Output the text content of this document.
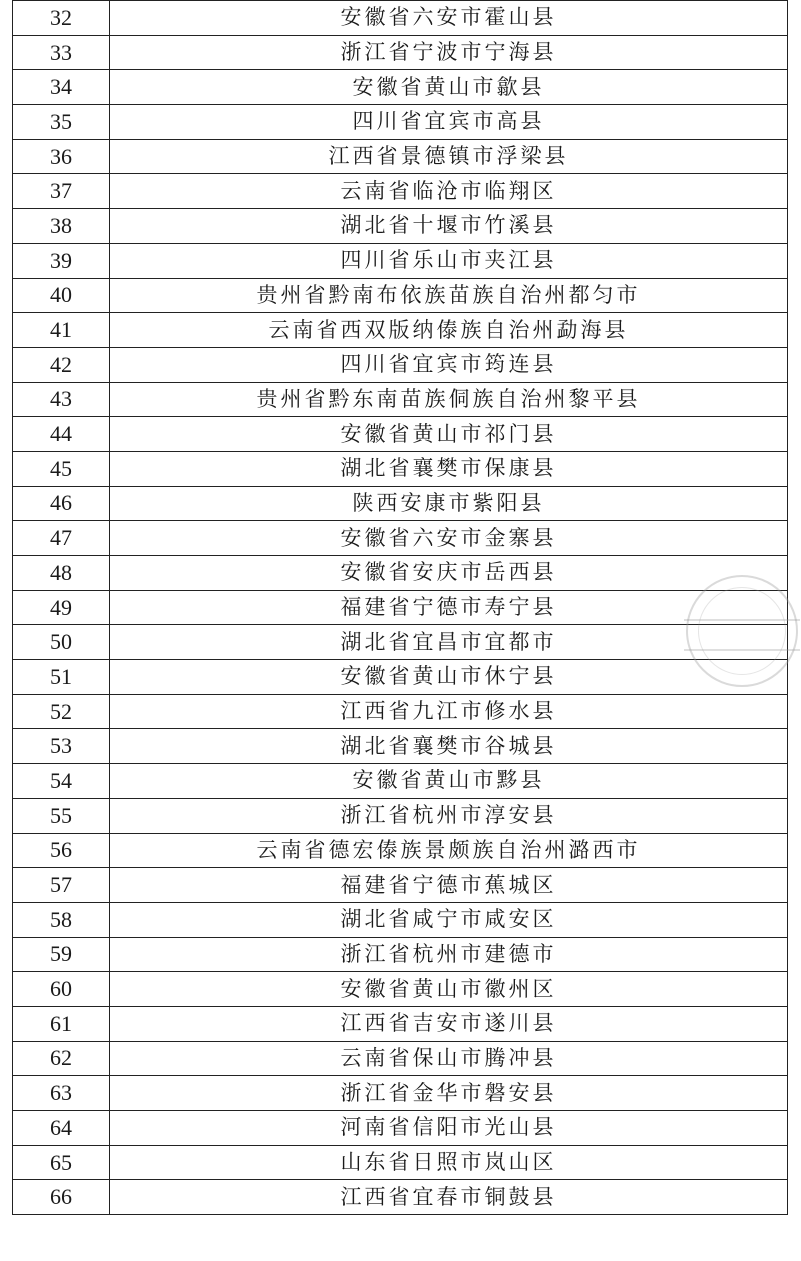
32	安徽省六安市霍山县
33	浙江省宁波市宁海县
34	安徽省黄山市歙县
35	四川省宜宾市高县
36	江西省景德镇市浮梁县
37	云南省临沧市临翔区
38	湖北省十堰市竹溪县
39	四川省乐山市夹江县
40	贵州省黔南布依族苗族自治州都匀市
41	云南省西双版纳傣族自治州勐海县
42	四川省宜宾市筠连县
43	贵州省黔东南苗族侗族自治州黎平县
44	安徽省黄山市祁门县
45	湖北省襄樊市保康县
46	陕西安康市紫阳县
47	安徽省六安市金寨县
48	安徽省安庆市岳西县
49	福建省宁德市寿宁县
50	湖北省宜昌市宜都市
51	安徽省黄山市休宁县
52	江西省九江市修水县
53	湖北省襄樊市谷城县
54	安徽省黄山市黟县
55	浙江省杭州市淳安县
56	云南省德宏傣族景颇族自治州潞西市
57	福建省宁德市蕉城区
58	湖北省咸宁市咸安区
59	浙江省杭州市建德市
60	安徽省黄山市徽州区
61	江西省吉安市遂川县
62	云南省保山市腾冲县
63	浙江省金华市磐安县
64	河南省信阳市光山县
65	山东省日照市岚山区
66	江西省宜春市铜鼓县
